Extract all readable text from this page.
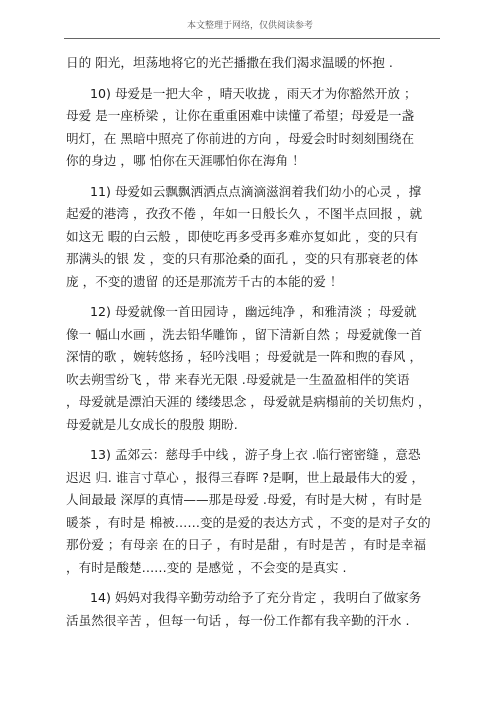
本文整理于网络，仅供阅读参考
日的 阳光，坦荡地将它的光芒播撒在我们渴求温暖的怀抱 .
10) 母爱是一把大伞 ，晴天收拢 ，雨天才为你豁然开放 ；
母爱 是一座桥梁 ，让你在重重困难中读懂了希望；母爱是一盏
明灯，在 黑暗中照亮了你前进的方向 ，母爱会时时刻刻围绕在
你的身边 ，哪 怕你在天涯哪怕你在海角 ！
11) 母爱如云飘飘洒洒点点滴滴滋润着我们幼小的心灵 ，撑
起爱的港湾 ，孜孜不倦 ，年如一日般长久 ，不图半点回报 ，就
如这无 暇的白云般 ，即使吃再多受再多难亦复如此 ，变的只有
那满头的银 发 ，变的只有那沧桑的面孔 ，变的只有那衰老的体
庞 ，不变的遗留 的还是那流芳千古的本能的爱 ！
12) 母爱就像一首田园诗 ，幽远纯净 ，和雅清淡 ；母爱就
像一 幅山水画 ，洗去铅华雕饰 ，留下清新自然 ；母爱就像一首
深情的歌 ，婉转悠扬 ，轻吟浅唱 ；母爱就是一阵和煦的春风 ，
吹去朔雪纷飞 ，带 来春光无限 .母爱就是一生盈盈相伴的笑语
，母爱就是漂泊天涯的 缕缕思念 ，母爱就是病榻前的关切焦灼 ，
母爱就是儿女成长的殷殷 期盼.
13) 孟郊云：慈母手中线 ，游子身上衣 .临行密密缝 ，意恐
迟迟 归. 谁言寸草心 ，报得三春晖 ?是啊，世上最最伟大的爱 ，
人间最最 深厚的真情——那是母爱 .母爱，有时是大树 ，有时是
暖茶 ，有时是 棉被……变的是爱的表达方式 ，不变的是对子女的
那份爱 ；有母亲 在的日子 ，有时是甜 ，有时是苦 ，有时是幸福
，有时是酸楚……变的 是感觉 ，不会变的是真实 .
14) 妈妈对我得辛勤劳动给予了充分肯定 ，我明白了做家务
活虽然很辛苦 ，但每一句话 ，每一份工作都有我辛勤的汗水 .
